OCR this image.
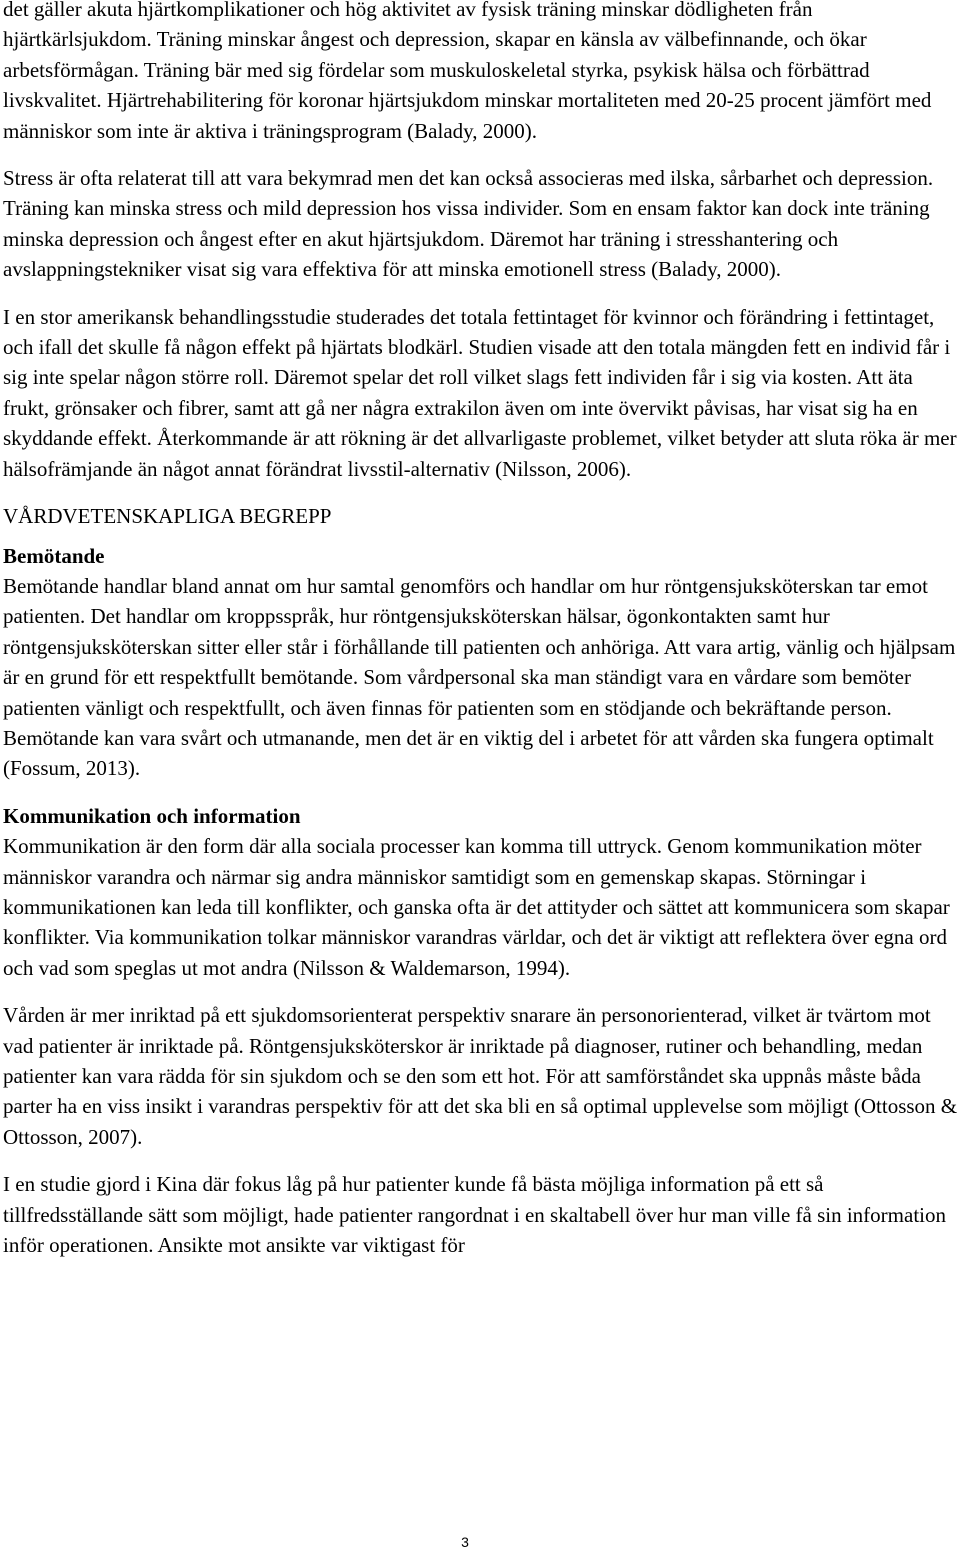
det gäller akuta hjärtkomplikationer och hög aktivitet av fysisk träning minskar dödligheten från hjärtkärlsjukdom. Träning minskar ångest och depression, skapar en känsla av välbefinnande, och ökar arbetsförmågan. Träning bär med sig fördelar som muskuloskeletal styrka, psykisk hälsa och förbättrad livskvalitet. Hjärtrehabilitering för koronar hjärtsjukdom minskar mortaliteten med 20-25 procent jämfört med människor som inte är aktiva i träningsprogram (Balady, 2000).

Stress är ofta relaterat till att vara bekymrad men det kan också associeras med ilska, sårbarhet och depression. Träning kan minska stress och mild depression hos vissa individer. Som en ensam faktor kan dock inte träning minska depression och ångest efter en akut hjärtsjukdom. Däremot har träning i stresshantering och avslappningstekniker visat sig vara effektiva för att minska emotionell stress (Balady, 2000).

I en stor amerikansk behandlingsstudie studerades det totala fettintaget för kvinnor och förändring i fettintaget, och ifall det skulle få någon effekt på hjärtats blodkärl. Studien visade att den totala mängden fett en individ får i sig inte spelar någon större roll. Däremot spelar det roll vilket slags fett individen får i sig via kosten. Att äta frukt, grönsaker och fibrer, samt att gå ner några extrakilon även om inte övervikt påvisas, har visat sig ha en skyddande effekt. Återkommande är att rökning är det allvarligaste problemet, vilket betyder att sluta röka är mer hälsofrämjande än något annat förändrat livsstil-alternativ (Nilsson, 2006).

VÅRDVETENSKAPLIGA BEGREPP

Bemötande

Bemötande handlar bland annat om hur samtal genomförs och handlar om hur röntgensjuksköterskan tar emot patienten. Det handlar om kroppsspråk, hur röntgensjuksköterskan hälsar, ögonkontakten samt hur röntgensjuksköterskan sitter eller står i förhållande till patienten och anhöriga. Att vara artig, vänlig och hjälpsam är en grund för ett respektfullt bemötande. Som vårdpersonal ska man ständigt vara en vårdare som bemöter patienten vänligt och respektfullt, och även finnas för patienten som en stödjande och bekräftande person. Bemötande kan vara svårt och utmanande, men det är en viktig del i arbetet för att vården ska fungera optimalt (Fossum, 2013).

Kommunikation och information

Kommunikation är den form där alla sociala processer kan komma till uttryck. Genom kommunikation möter människor varandra och närmar sig andra människor samtidigt som en gemenskap skapas. Störningar i kommunikationen kan leda till konflikter, och ganska ofta är det attityder och sättet att kommunicera som skapar konflikter. Via kommunikation tolkar människor varandras världar, och det är viktigt att reflektera över egna ord och vad som speglas ut mot andra (Nilsson & Waldemarson, 1994).

Vården är mer inriktad på ett sjukdomsorienterat perspektiv snarare än personorienterad, vilket är tvärtom mot vad patienter är inriktade på. Röntgensjuksköterskor är inriktade på diagnoser, rutiner och behandling, medan patienter kan vara rädda för sin sjukdom och se den som ett hot. För att samförståndet ska uppnås måste båda parter ha en viss insikt i varandras perspektiv för att det ska bli en så optimal upplevelse som möjligt (Ottosson & Ottosson, 2007).

I en studie gjord i Kina där fokus låg på hur patienter kunde få bästa möjliga information på ett så tillfredsställande sätt som möjligt, hade patienter rangordnat i en skaltabell över hur man ville få sin information inför operationen. Ansikte mot ansikte var viktigast för

3
